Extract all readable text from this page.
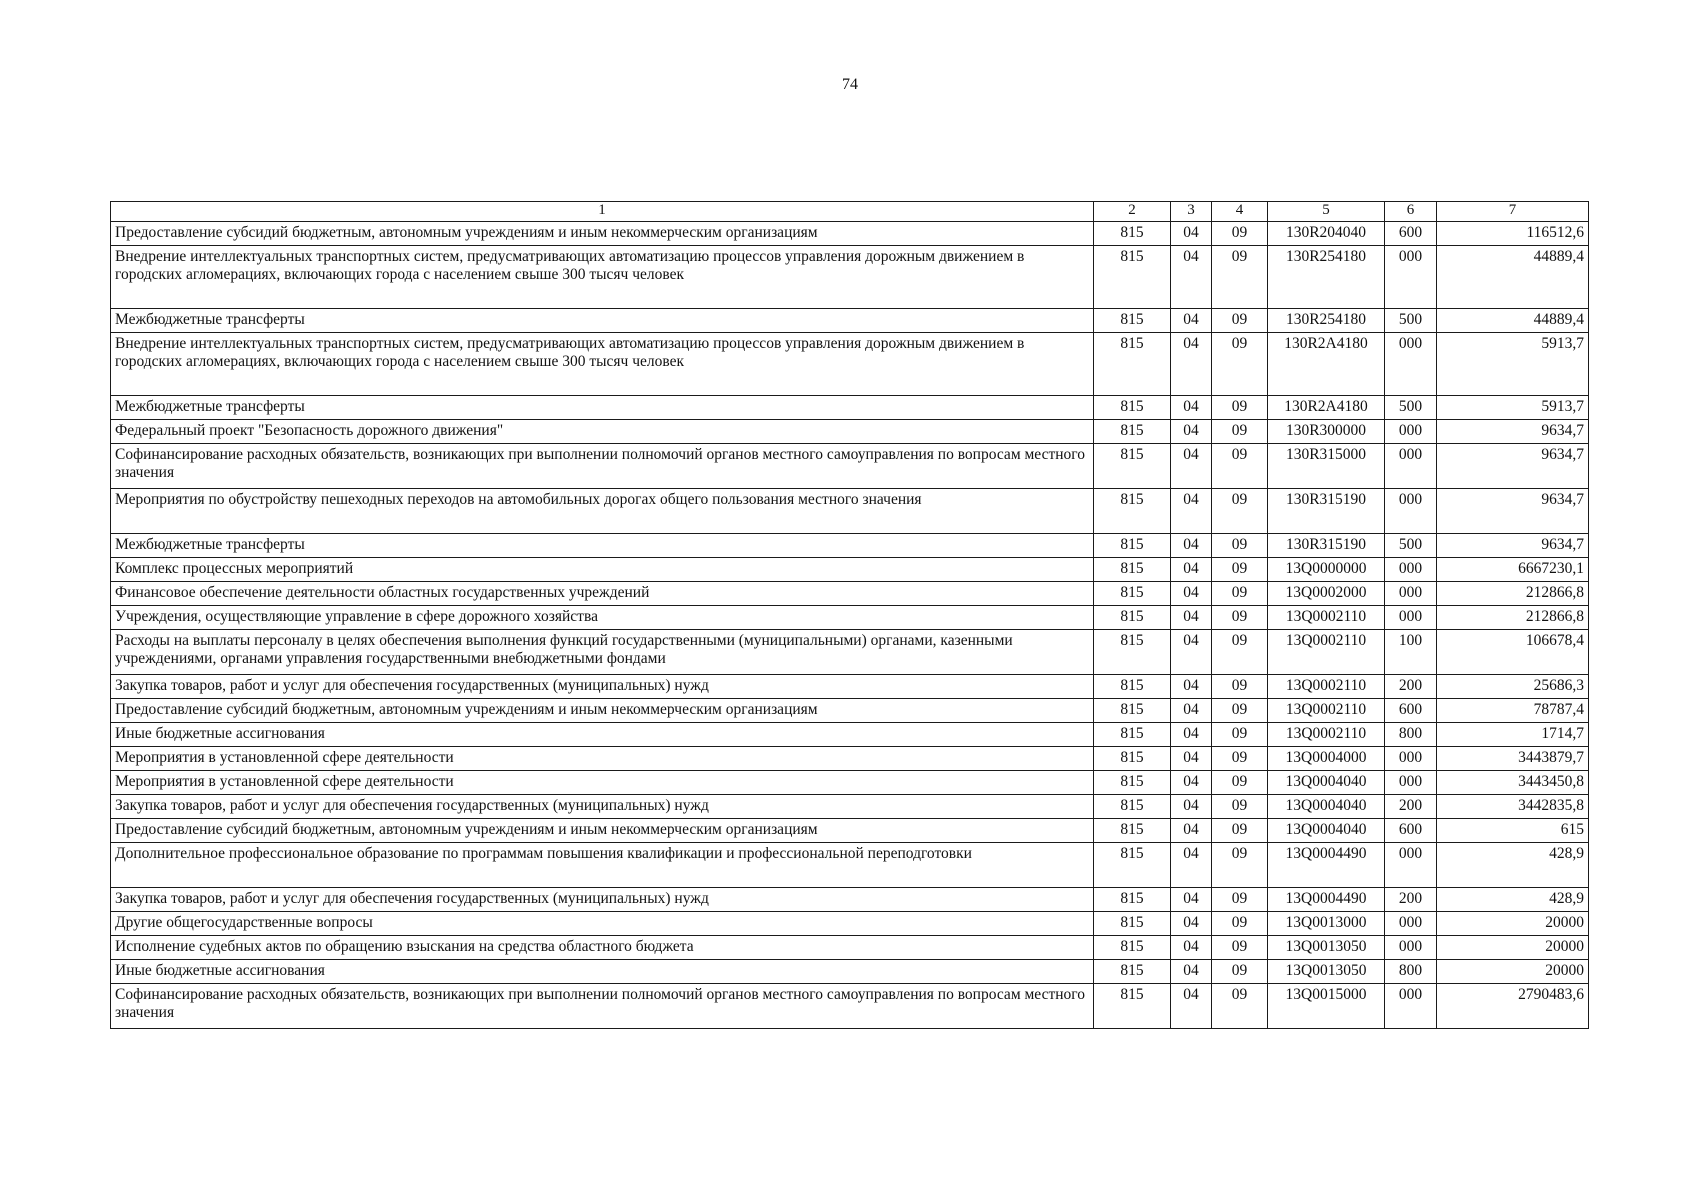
74
1	2	3	4	5	6	7
Предоставление субсидий бюджетным, автономным учреждениям и иным некоммерческим организациям	815	04	09	130R204040	600	116512,6
Внедрение интеллектуальных транспортных систем, предусматривающих автоматизацию процессов управления дорожным движением в городских агломерациях, включающих города с населением свыше 300 тысяч человек	815	04	09	130R254180	000	44889,4
Межбюджетные трансферты	815	04	09	130R254180	500	44889,4
Внедрение интеллектуальных транспортных систем, предусматривающих автоматизацию процессов управления дорожным движением в городских агломерациях, включающих города с населением свыше 300 тысяч человек	815	04	09	130R2A4180	000	5913,7
Межбюджетные трансферты	815	04	09	130R2A4180	500	5913,7
Федеральный проект "Безопасность дорожного движения"	815	04	09	130R300000	000	9634,7
Софинансирование расходных обязательств, возникающих при выполнении полномочий органов местного самоуправления по вопросам местного значения	815	04	09	130R315000	000	9634,7
Мероприятия по обустройству пешеходных переходов на автомобильных дорогах общего пользования местного значения	815	04	09	130R315190	000	9634,7
Межбюджетные трансферты	815	04	09	130R315190	500	9634,7
Комплекс процессных мероприятий	815	04	09	13Q0000000	000	6667230,1
Финансовое обеспечение деятельности областных государственных учреждений	815	04	09	13Q0002000	000	212866,8
Учреждения, осуществляющие управление в сфере дорожного хозяйства	815	04	09	13Q0002110	000	212866,8
Расходы на выплаты персоналу в целях обеспечения выполнения функций государственными (муниципальными) органами, казенными учреждениями, органами управления государственными внебюджетными фондами	815	04	09	13Q0002110	100	106678,4
Закупка товаров, работ и услуг для обеспечения государственных (муниципальных) нужд	815	04	09	13Q0002110	200	25686,3
Предоставление субсидий бюджетным, автономным учреждениям и иным некоммерческим организациям	815	04	09	13Q0002110	600	78787,4
Иные бюджетные ассигнования	815	04	09	13Q0002110	800	1714,7
Мероприятия в установленной сфере деятельности	815	04	09	13Q0004000	000	3443879,7
Мероприятия в установленной сфере деятельности	815	04	09	13Q0004040	000	3443450,8
Закупка товаров, работ и услуг для обеспечения государственных (муниципальных) нужд	815	04	09	13Q0004040	200	3442835,8
Предоставление субсидий бюджетным, автономным учреждениям и иным некоммерческим организациям	815	04	09	13Q0004040	600	615
Дополнительное профессиональное образование по программам повышения квалификации и профессиональной переподготовки	815	04	09	13Q0004490	000	428,9
Закупка товаров, работ и услуг для обеспечения государственных (муниципальных) нужд	815	04	09	13Q0004490	200	428,9
Другие общегосударственные вопросы	815	04	09	13Q0013000	000	20000
Исполнение судебных актов по обращению взыскания на средства областного бюджета	815	04	09	13Q0013050	000	20000
Иные бюджетные ассигнования	815	04	09	13Q0013050	800	20000
Софинансирование расходных обязательств, возникающих при выполнении полномочий органов местного самоуправления по вопросам местного значения	815	04	09	13Q0015000	000	2790483,6
